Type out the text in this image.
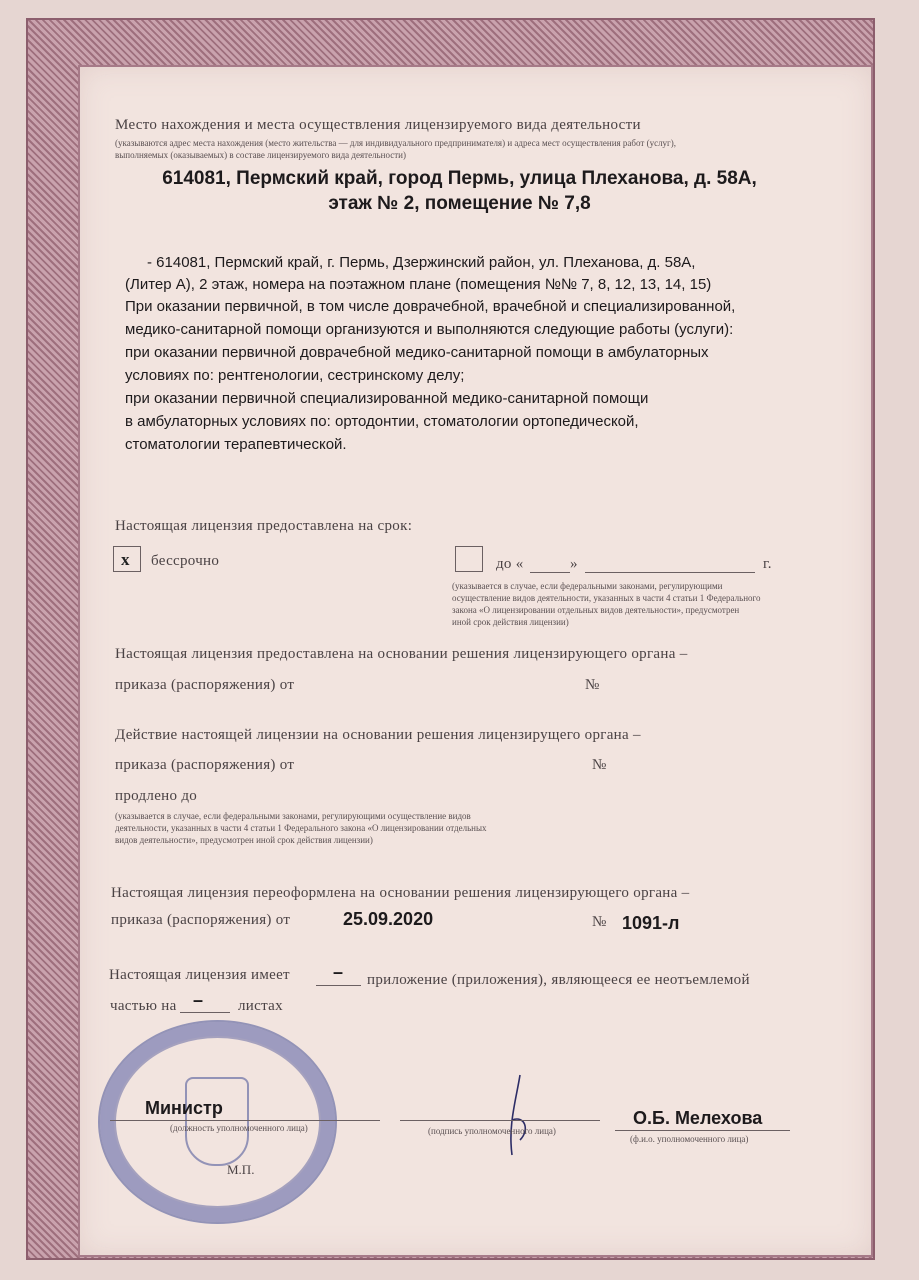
Место нахождения и места осуществления лицензируемого вида деятельности
(указываются адрес места нахождения (место жительства — для индивидуального предпринимателя) и адреса мест осуществления работ (услуг),
выполняемых (оказываемых) в составе лицензируемого вида деятельности)
614081, Пермский край, город Пермь, улица Плеханова, д. 58А,
этаж № 2, помещение № 7,8
- 614081, Пермский край, г. Пермь, Дзержинский район, ул. Плеханова, д. 58А,
(Литер А), 2 этаж, номера на поэтажном плане (помещения №№ 7, 8, 12, 13, 14, 15)
При оказании первичной, в том числе доврачебной, врачебной и специализированной,
медико-санитарной помощи организуются и выполняются следующие работы (услуги):
при оказании первичной доврачебной медико-санитарной помощи в амбулаторных
условиях по: рентгенологии, сестринскому делу;
при оказании первичной специализированной медико-санитарной помощи
в амбулаторных условиях по: ортодонтии, стоматологии ортопедической,
стоматологии терапевтической.
Настоящая лицензия предоставлена на срок:
х бессрочно	до «	»	г.
(указывается в случае, если федеральными законами, регулирующими
осуществление видов деятельности, указанных в части 4 статьи 1 Федерального
закона «О лицензировании отдельных видов деятельности», предусмотрен
иной срок действия лицензии)
Настоящая лицензия предоставлена на основании решения лицензирующего органа –
приказа (распоряжения) от	№
Действие настоящей лицензии на основании решения лицензирущего органа –
приказа (распоряжения) от	№
продлено до
(указывается в случае, если федеральными законами, регулирующими осуществление видов
деятельности, указанных в части 4 статьи 1 Федерального закона «О лицензировании отдельных
видов деятельности», предусмотрен иной срок действия лицензии)
Настоящая лицензия переоформлена на основании решения лицензирующего органа –
приказа (распоряжения) от	25.09.2020	№ 1091-л
Настоящая лицензия имеет – приложение (приложения), являющееся ее неотъемлемой
частью на – листах
Министр
(должность уполномоченного лица)	(подпись уполномоченного лица)
О.Б. Мелехова
(ф.и.о. уполномоченного лица)
М.П.
